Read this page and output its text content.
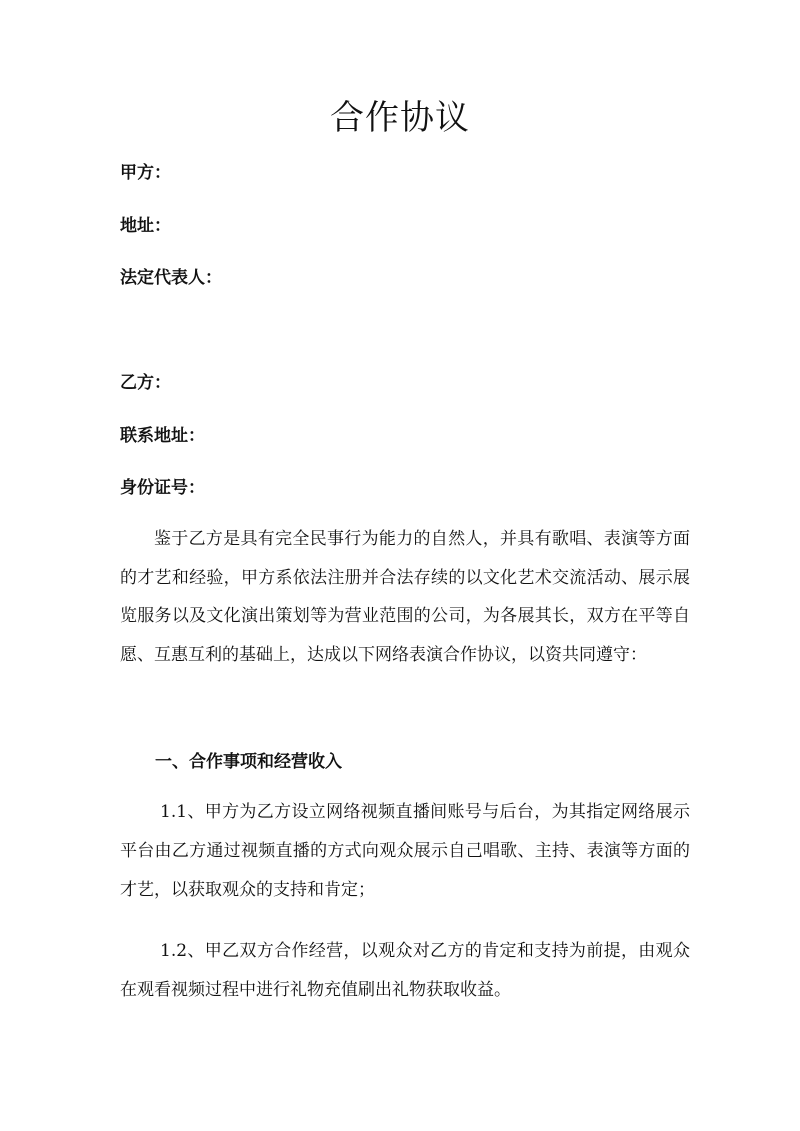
合作协议
甲方：
地址：
法定代表人：
乙方：
联系地址：
身份证号：
鉴于乙方是具有完全民事行为能力的自然人，并具有歌唱、表演等方面的才艺和经验，甲方系依法注册并合法存续的以文化艺术交流活动、展示展览服务以及文化演出策划等为营业范围的公司，为各展其长，双方在平等自愿、互惠互利的基础上，达成以下网络表演合作协议，以资共同遵守：
一、合作事项和经营收入
1.1、甲方为乙方设立网络视频直播间账号与后台，为其指定网络展示平台由乙方通过视频直播的方式向观众展示自己唱歌、主持、表演等方面的才艺，以获取观众的支持和肯定；
1.2、甲乙双方合作经营，以观众对乙方的肯定和支持为前提，由观众在观看视频过程中进行礼物充值刷出礼物获取收益。
